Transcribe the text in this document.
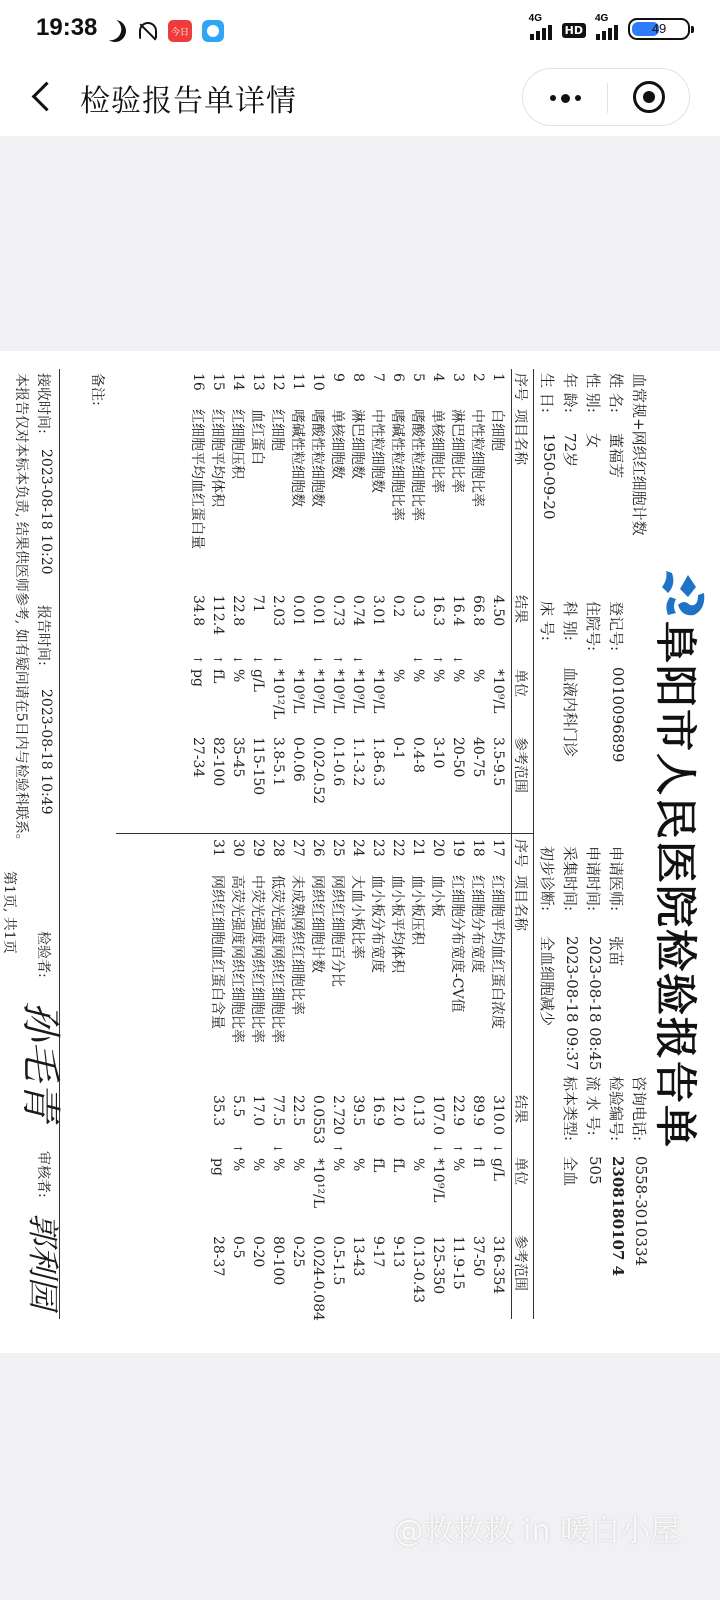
19:38	今日
4G
HD
4G
49
检验报告单详情
阜阳市人民医院检验报告单
血常规+网织红细胞计数
咨询电话:
0558-3010334
姓 名:
董福芳
性 别:
女
年 龄:
72岁
生 日:
1950-09-20
登记号:
0010096899
住院号:
科 别:
血液内科门诊
床 号:
申请医师:
张苗
申请时间:
2023-08-18 08:45
采集时间:
2023-08-18 09:37
初步诊断:
全血细胞减少
检验编号:
2308180107 4
流 水 号:
505
标本类型:
全血
序号
项目名称
结果
单位
参考范围
序号
项目名称
结果
单位
参考范围
1	白细胞	4.50		*10⁹/L	3.5-9.5
2	中性粒细胞比率	66.8		%	40-75
3	淋巴细胞比率	16.4	↓	%	20-50
4	单核细胞比率	16.3	↑	%	3-10
5	嗜酸性粒细胞比率	0.3	↓	%	0.4-8
6	嗜碱性粒细胞比率	0.2		%	0-1
7	中性粒细胞数	3.01		*10⁹/L	1.8-6.3
8	淋巴细胞数	0.74	↓	*10⁹/L	1.1-3.2
9	单核细胞数	0.73	↑	*10⁹/L	0.1-0.6
10	嗜酸性粒细胞数	0.01	↓	*10⁹/L	0.02-0.52
11	嗜碱性粒细胞数	0.01		*10⁹/L	0-0.06
12	红细胞	2.03	↓	*10¹²/L	3.8-5.1
13	血红蛋白	71	↓	g/L	115-150
14	红细胞压积	22.8	↓	%	35-45
15	红细胞平均体积	112.4	↑	fL	82-100
16	红细胞平均血红蛋白量	34.8	↑	pg	27-34
17	红细胞平均血红蛋白浓度	310.0	↓	g/L	316-354
18	红细胞分布宽度	89.9	↑	fl	37-50
19	红细胞分布宽度-CV值	22.9	↑	%	11.9-15
20	血小板	107.0	↓	*10⁹/L	125-350
21	血小板压积	0.13		%	0.13-0.43
22	血小板平均体积	12.0		fL	9-13
23	血小板分布宽度	16.9		fL	9-17
24	大血小板比率	39.5		%	13-43
25	网织红细胞百分比	2.720	↑	%	0.5-1.5
26	网织红细胞计数	0.0553		*10¹²/L	0.024-0.084
27	未成熟网织红细胞比率	22.5		%	0-25
28	低荧光强度网织红细胞比率	77.5	↓	%	80-100
29	中荧光强度网织红细胞比率	17.0		%	0-20
30	高荧光强度网织红细胞比率	5.5	↑	%	0-5
31	网织红细胞血红蛋白含量	35.3		pg	28-37
备注:
接收时间:
2023-08-18 10:20
报告时间:
2023-08-18 10:49
检验者:
孙毛青
审核者:
郭利园
本报告仅对本标本负责, 结果供医师参考, 如有疑问请在5日内与检验科联系。
第1页, 共1页
@救救救 in 暖白小屋
